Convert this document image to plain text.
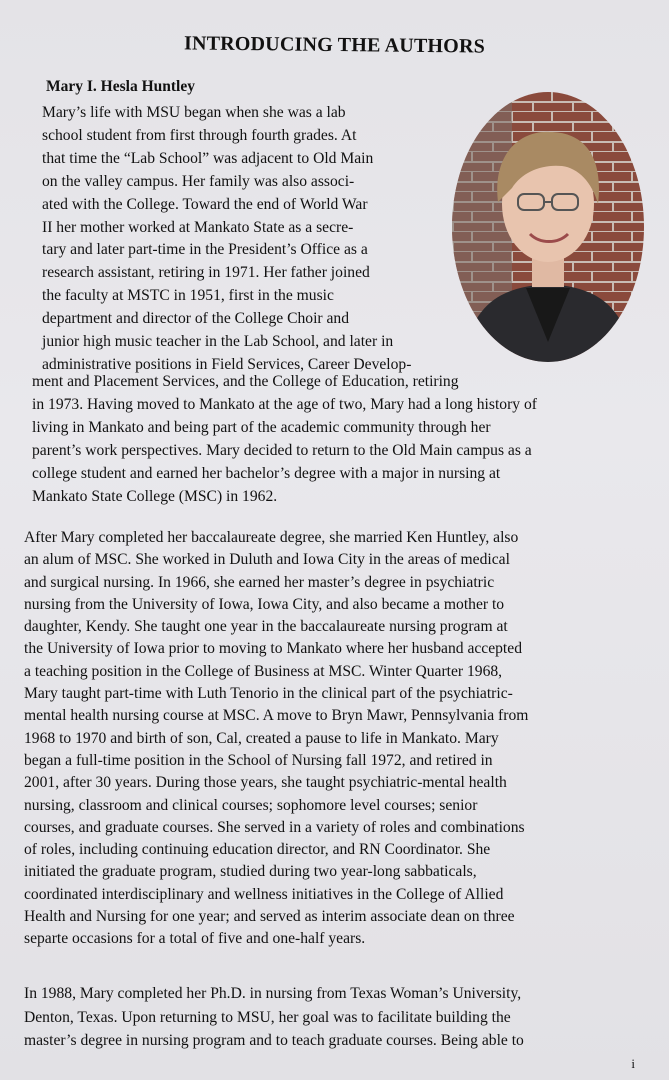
INTRODUCING THE AUTHORS
Mary I. Hesla Huntley
Mary’s life with MSU began when she was a lab
school student from first through fourth grades. At
that time the “Lab School” was adjacent to Old Main
on the valley campus. Her family was also associ-
ated with the College. Toward the end of World War
II her mother worked at Mankato State as a secre-
tary and later part-time in the President’s Office as a
research assistant, retiring in 1971. Her father joined
the faculty at MSTC in 1951, first in the music
department and director of the College Choir and
junior high music teacher in the Lab School, and later in
administrative positions in Field Services, Career Develop-
ment and Placement Services, and the College of Education, retiring
in 1973. Having moved to Mankato at the age of two, Mary had a long history of
living in Mankato and being part of the academic community through her
parent’s work perspectives. Mary decided to return to the Old Main campus as a
college student and earned her bachelor’s degree with a major in nursing at
Mankato State College (MSC) in 1962.
After Mary completed her baccalaureate degree, she married Ken Huntley, also
an alum of MSC. She worked in Duluth and Iowa City in the areas of medical
and surgical nursing. In 1966, she earned her master’s degree in psychiatric
nursing from the University of Iowa, Iowa City, and also became a mother to
daughter, Kendy. She taught one year in the baccalaureate nursing program at
the University of Iowa prior to moving to Mankato where her husband accepted
a teaching position in the College of Business at MSC. Winter Quarter 1968,
Mary taught part-time with Luth Tenorio in the clinical part of the psychiatric-
mental health nursing course at MSC. A move to Bryn Mawr, Pennsylvania from
1968 to 1970 and birth of son, Cal, created a pause to life in Mankato. Mary
began a full-time position in the School of Nursing fall 1972, and retired in
2001, after 30 years. During those years, she taught psychiatric-mental health
nursing, classroom and clinical courses; sophomore level courses; senior
courses, and graduate courses. She served in a variety of roles and combinations
of roles, including continuing education director, and RN Coordinator. She
initiated the graduate program, studied during two year-long sabbaticals,
coordinated interdisciplinary and wellness initiatives in the College of Allied
Health and Nursing for one year; and served as interim associate dean on three
separte occasions for a total of five and one-half years.
In 1988, Mary completed her Ph.D. in nursing from Texas Woman’s University,
Denton, Texas. Upon returning to MSU, her goal was to facilitate building the
master’s degree in nursing program and to teach graduate courses. Being able to
i
